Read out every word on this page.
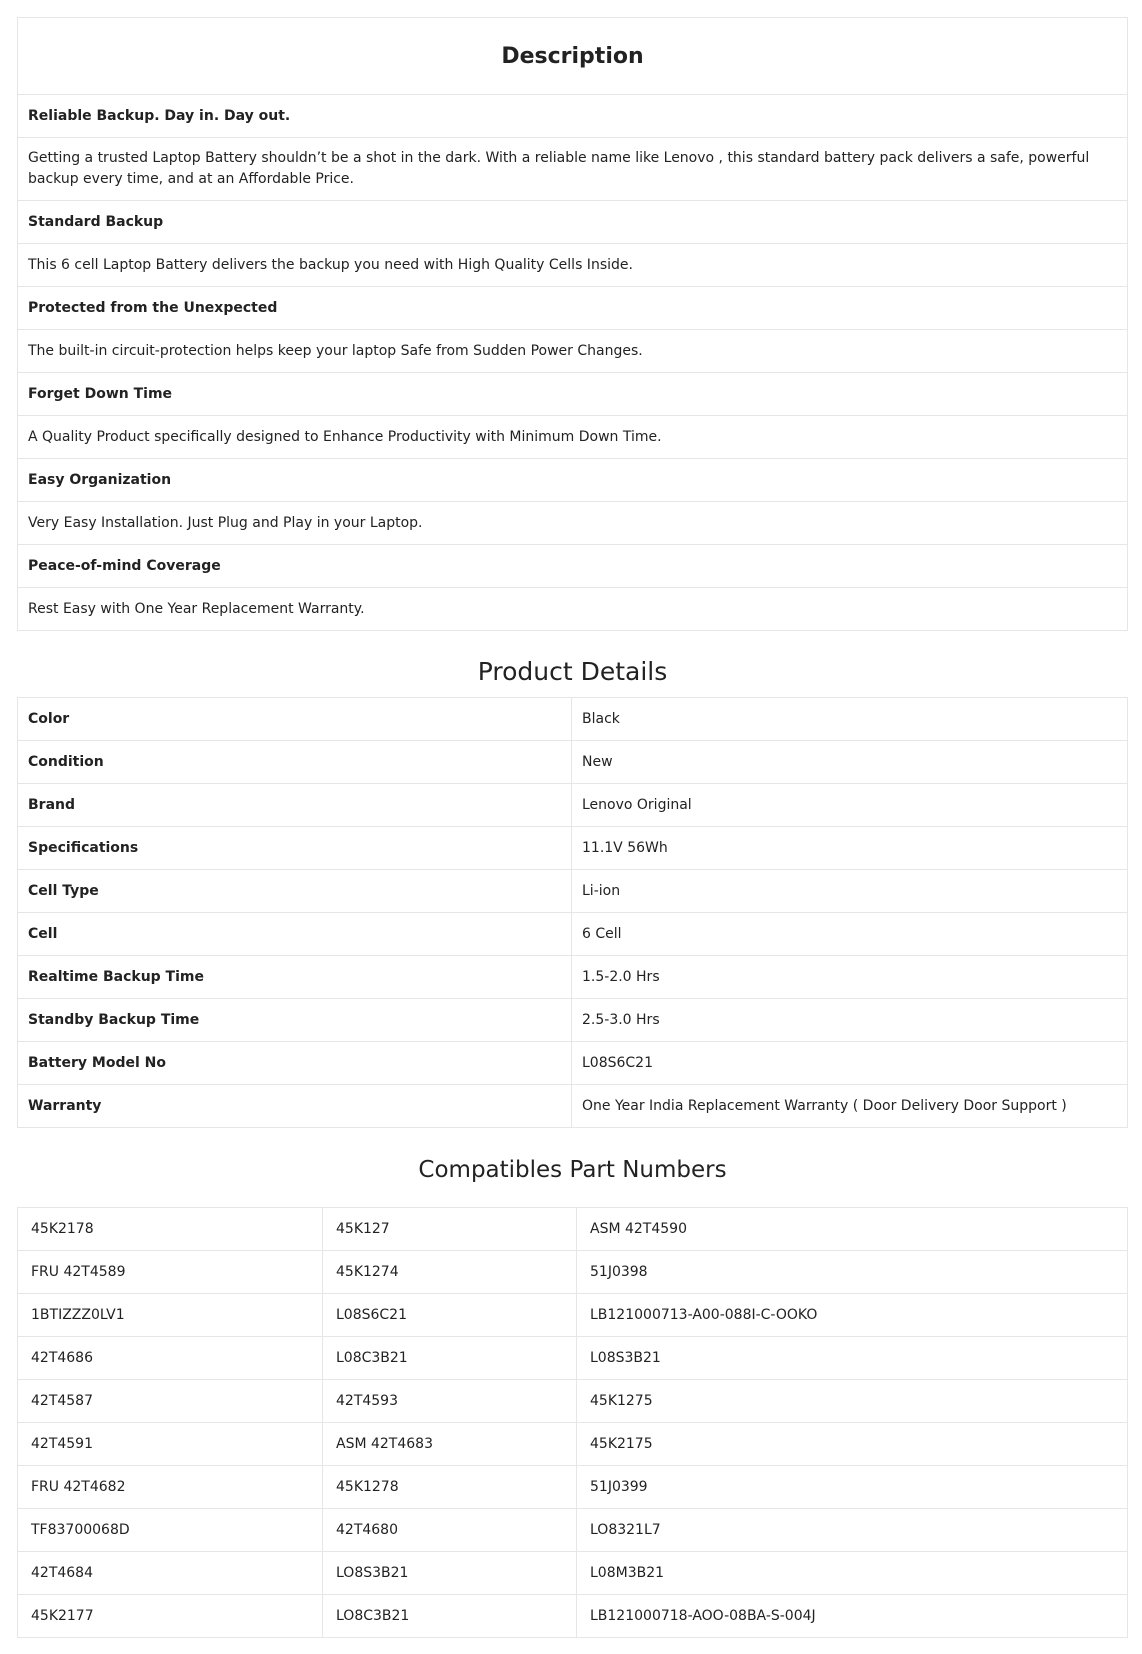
Description
Reliable Backup. Day in. Day out.
Getting a trusted Laptop Battery shouldn’t be a shot in the dark. With a reliable name like Lenovo , this standard battery pack delivers a safe, powerful backup every time, and at an Affordable Price.
Standard Backup
This 6 cell Laptop Battery delivers the backup you need with High Quality Cells Inside.
Protected from the Unexpected
The built-in circuit-protection helps keep your laptop Safe from Sudden Power Changes.
Forget Down Time
A Quality Product specifically designed to Enhance Productivity with Minimum Down Time.
Easy Organization
Very Easy Installation. Just Plug and Play in your Laptop.
Peace-of-mind Coverage
Rest Easy with One Year Replacement Warranty.
Product Details
Color	Black
Condition	New
Brand	Lenovo Original
Specifications	11.1V 56Wh
Cell Type	Li-ion
Cell	6 Cell
Realtime Backup Time	1.5-2.0 Hrs
Standby Backup Time	2.5-3.0 Hrs
Battery Model No	L08S6C21
Warranty	One Year India Replacement Warranty ( Door Delivery Door Support )
Compatibles Part Numbers
45K2178	45K127	ASM 42T4590
FRU 42T4589	45K1274	51J0398
1BTIZZZ0LV1	L08S6C21	LB121000713-A00-088I-C-OOKO
42T4686	L08C3B21	L08S3B21
42T4587	42T4593	45K1275
42T4591	ASM 42T4683	45K2175
FRU 42T4682	45K1278	51J0399
TF83700068D	42T4680	LO8321L7
42T4684	LO8S3B21	L08M3B21
45K2177	LO8C3B21	LB121000718-AOO-08BA-S-004J
